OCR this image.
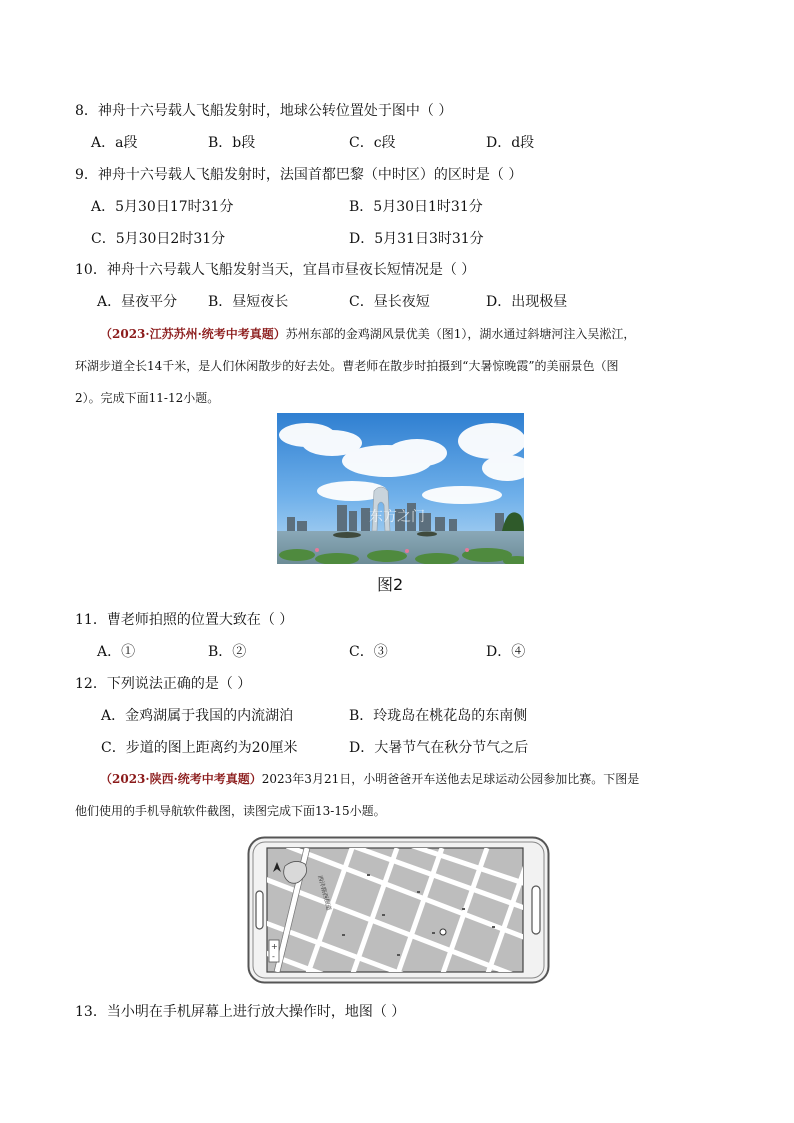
8．神舟十六号载人飞船发射时，地球公转位置处于图中（ ）
A．a段	B．b段	C．c段	D．d段
9．神舟十六号载人飞船发射时，法国首都巴黎（中时区）的区时是（ ）
A．5月30日17时31分	B．5月30日1时31分
C．5月30日2时31分	D．5月31日3时31分
10．神舟十六号载人飞船发射当天，宜昌市昼夜长短情况是（ ）
A．昼夜平分 B．昼短夜长	C．昼长夜短	D．出现极昼
（2023·江苏苏州·统考中考真题）苏州东部的金鸡湖风景优美（图1），湖水通过斜塘河注入吴淞江，
环湖步道全长14千米，是人们休闲散步的好去处。曹老师在散步时拍摄到“大暑惊晚霞”的美丽景色（图
2）。完成下面11-12小题。
东方之门
图2
11．曹老师拍照的位置大致在（ ）
A．①	B．②	C．③	D．④
12．下列说法正确的是（ ）
A．金鸡湖属于我国的内流湖泊	B．玲珑岛在桃花岛的东南侧
C．步道的图上距离约为20厘米	D．大暑节气在秋分节气之后
（2023·陕西·统考中考真题）2023年3月21日，小明爸爸开车送他去足球运动公园参加比赛。下图是
他们使用的手机导航软件截图，读图完成下面13-15小题。
西沣路西侧道
+
-
13．当小明在手机屏幕上进行放大操作时，地图（ ）
